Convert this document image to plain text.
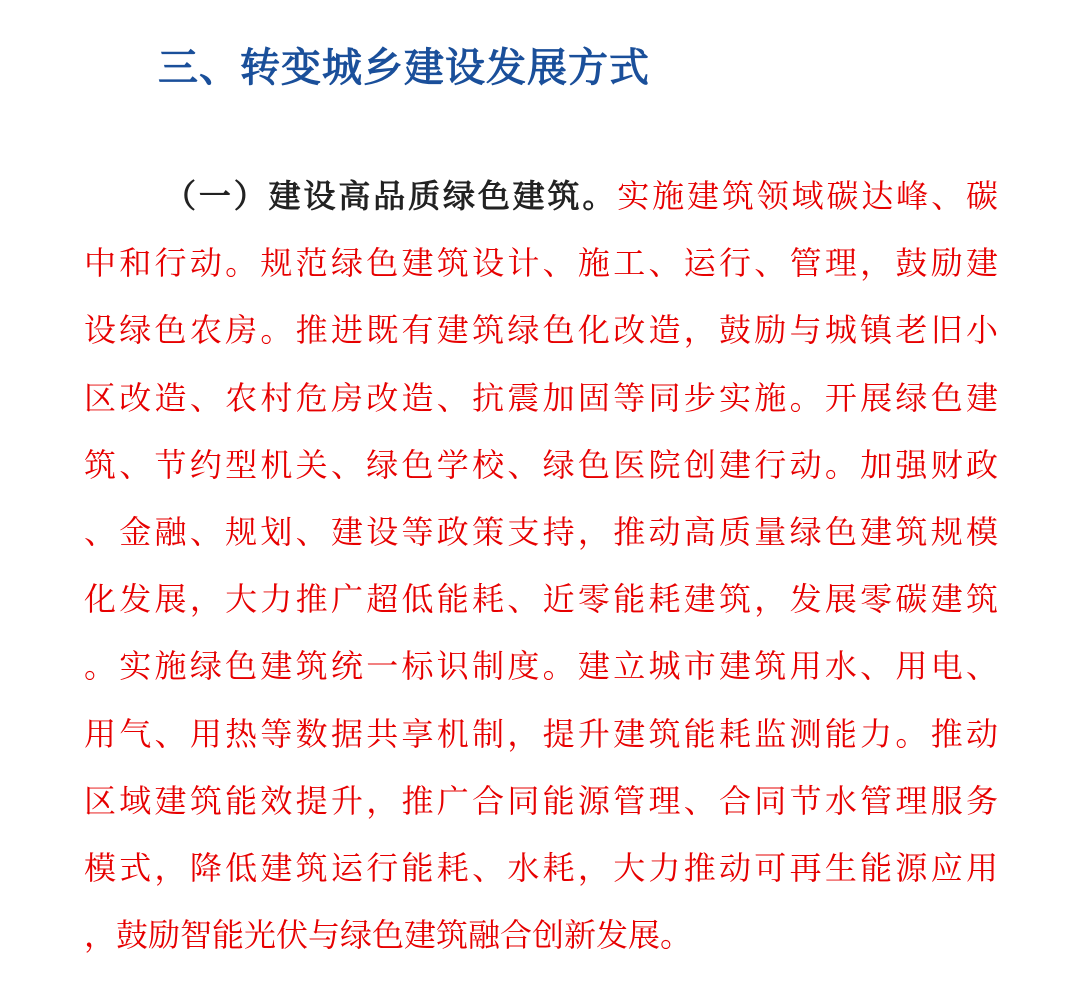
三、转变城乡建设发展方式
（一）建设高品质绿色建筑。实施建筑领域碳达峰、碳
中和行动。规范绿色建筑设计、施工、运行、管理，鼓励建
设绿色农房。推进既有建筑绿色化改造，鼓励与城镇老旧小
区改造、农村危房改造、抗震加固等同步实施。开展绿色建
筑、节约型机关、绿色学校、绿色医院创建行动。加强财政
、金融、规划、建设等政策支持，推动高质量绿色建筑规模
化发展，大力推广超低能耗、近零能耗建筑，发展零碳建筑
。实施绿色建筑统一标识制度。建立城市建筑用水、用电、
用气、用热等数据共享机制，提升建筑能耗监测能力。推动
区域建筑能效提升，推广合同能源管理、合同节水管理服务
模式，降低建筑运行能耗、水耗，大力推动可再生能源应用
，鼓励智能光伏与绿色建筑融合创新发展。
